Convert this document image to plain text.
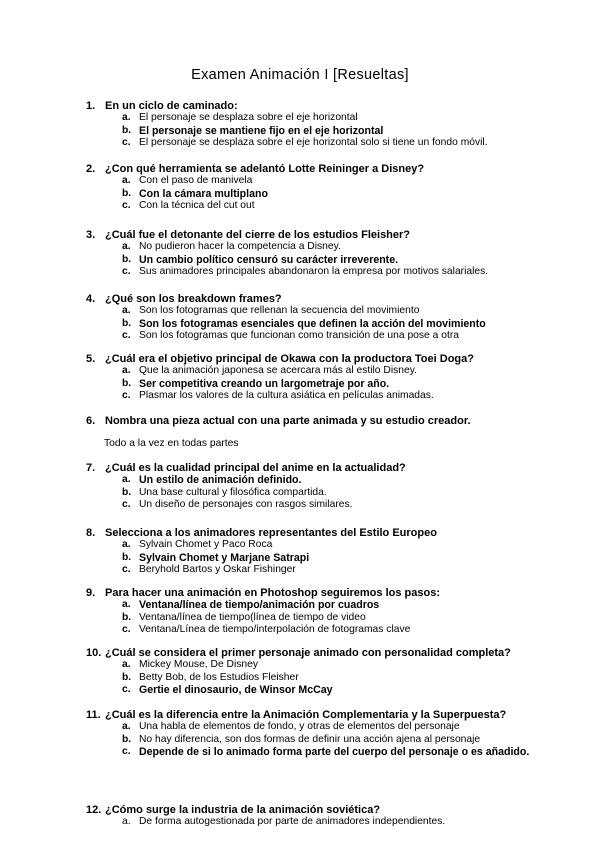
Examen Animación I [Resueltas]
1. En un ciclo de caminado:
a. El personaje se desplaza sobre el eje horizontal
b. El personaje se mantiene fijo en el eje horizontal
c. El personaje se desplaza sobre el eje horizontal solo si tiene un fondo móvil.
2. ¿Con qué herramienta se adelantó Lotte Reininger a Disney?
a. Con el paso de manivela
b. Con la cámara multiplano
c. Con la técnica del cut out
3. ¿Cuál fue el detonante del cierre de los estudios Fleisher?
a. No pudieron hacer la competencia a Disney.
b. Un cambio político censuró su carácter irreverente.
c. Sus animadores principales abandonaron la empresa por motivos salariales.
4. ¿Qué son los breakdown frames?
a. Son los fotogramas que rellenan la secuencia del movimiento
b. Son los fotogramas esenciales que definen la acción del movimiento
c. Son los fotogramas que funcionan como transición de una pose a otra
5. ¿Cuál era el objetivo principal de Okawa con la productora Toei Doga?
a. Que la animación japonesa se acercara más al estilo Disney.
b. Ser competitiva creando un largometraje por año.
c. Plasmar los valores de la cultura asiática en películas animadas.
6. Nombra una pieza actual con una parte animada y su estudio creador.
Todo a la vez en todas partes
7. ¿Cuál es la cualidad principal del anime en la actualidad?
a. Un estilo de animación definido.
b. Una base cultural y filosófica compartida.
c. Un diseño de personajes con rasgos similares.
8. Selecciona a los animadores representantes del Estilo Europeo
a. Sylvain Chomet y Paco Roca
b. Sylvain Chomet y Marjane Satrapi
c. Beryhold Bartos y Oskar Fishinger
9. Para hacer una animación en Photoshop seguiremos los pasos:
a. Ventana/línea de tiempo/animación por cuadros
b. Ventana/línea de tiempo(línea de tiempo de video
c. Ventana/Línea de tiempo/interpolación de fotogramas clave
10. ¿Cuál se considera el primer personaje animado con personalidad completa?
a. Mickey Mouse, De Disney
b. Betty Bob, de los Estudios Fleisher
c. Gertie el dinosaurio, de Winsor McCay
11. ¿Cuál es la diferencia entre la Animación Complementaria y la Superpuesta?
a. Una habla de elementos de fondo, y otras de elementos del personaje
b. No hay diferencia, son dos formas de definir una acción ajena al personaje
c. Depende de si lo animado forma parte del cuerpo del personaje o es añadido.
12. ¿Cómo surge la industria de la animación soviética?
a. De forma autogestionada por parte de animadores independientes.
